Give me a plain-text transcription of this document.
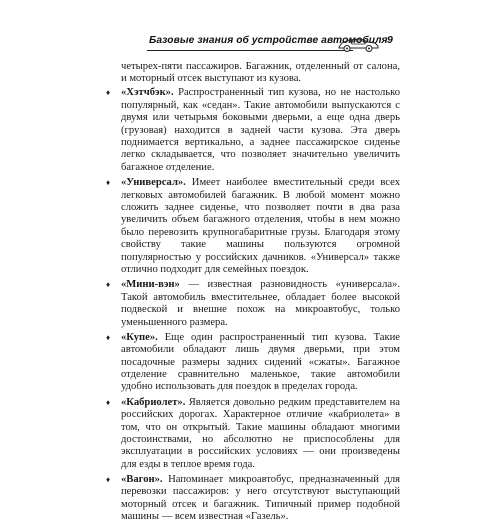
Базовые знания об устройстве автомобиля 9

четырех-пяти пассажиров. Багажник, отделенный от салона, и моторный отсек выступают из кузова.

♦ «Хэтчбэк». Распространенный тип кузова, но не настолько популярный, как «седан». Такие автомобили выпускаются с двумя или четырьмя боковыми дверьми, а еще одна дверь (грузовая) находится в задней части кузова. Эта дверь поднимается вертикально, а заднее пассажирское сиденье легко складывается, что позволяет значительно увеличить багажное отделение.
♦ «Универсал». Имеет наиболее вместительный среди всех легковых автомобилей багажник. В любой момент можно сложить заднее сиденье, что позволяет почти в два раза увеличить объем багажного отделения, чтобы в нем можно было перевозить крупногабаритные грузы. Благодаря этому свойству такие машины пользуются огромной популярностью у российских дачников. «Универсал» также отлично подходит для семейных поездок.
♦ «Мини-вэн» — известная разновидность «универсала». Такой автомобиль вместительнее, обладает более высокой подвеской и внешне похож на микроавтобус, только уменьшенного размера.
♦ «Купе». Еще один распространенный тип кузова. Такие автомобили обладают лишь двумя дверьми, при этом посадочные размеры задних сидений «сжаты». Багажное отделение сравнительно маленькое, такие автомобили удобно использовать для поездок в пределах города.
♦ «Кабриолет». Является довольно редким представителем на российских дорогах. Характерное отличие «кабриолета» в том, что он открытый. Такие машины обладают многими достоинствами, но абсолютно не приспособлены для эксплуатации в российских условиях — они произведены для езды в теплое время года.
♦ «Вагон». Напоминает микроавтобус, предназначенный для перевозки пассажиров: у него отсутствуют выступающий моторный отсек и багажник. Типичный пример подобной машины — всем известная «Газель».
